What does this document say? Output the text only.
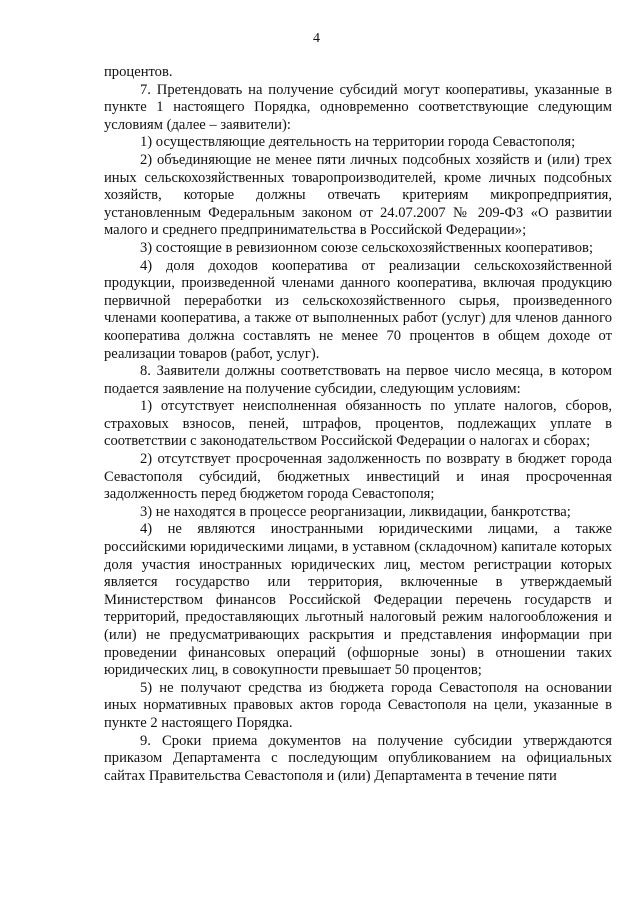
4

процентов.

7. Претендовать на получение субсидий могут кооперативы, указанные в пункте 1 настоящего Порядка, одновременно соответствующие следующим условиям (далее – заявители):

1) осуществляющие деятельность на территории города Севастополя;

2) объединяющие не менее пяти личных подсобных хозяйств и (или) трех иных сельскохозяйственных товаропроизводителей, кроме личных подсобных хозяйств, которые должны отвечать критериям микропредприятия, установленным Федеральным законом от 24.07.2007 № 209-ФЗ «О развитии малого и среднего предпринимательства в Российской Федерации»;

3) состоящие в ревизионном союзе сельскохозяйственных кооперативов;

4) доля доходов кооператива от реализации сельскохозяйственной продукции, произведенной членами данного кооператива, включая продукцию первичной переработки из сельскохозяйственного сырья, произведенного членами кооператива, а также от выполненных работ (услуг) для членов данного кооператива должна составлять не менее 70 процентов в общем доходе от реализации товаров (работ, услуг).

8. Заявители должны соответствовать на первое число месяца, в котором подается заявление на получение субсидии, следующим условиям:

1) отсутствует неисполненная обязанность по уплате налогов, сборов, страховых взносов, пеней, штрафов, процентов, подлежащих уплате в соответствии с законодательством Российской Федерации о налогах и сборах;

2) отсутствует просроченная задолженность по возврату в бюджет города Севастополя субсидий, бюджетных инвестиций и иная просроченная задолженность перед бюджетом города Севастополя;

3) не находятся в процессе реорганизации, ликвидации, банкротства;

4) не являются иностранными юридическими лицами, а также российскими юридическими лицами, в уставном (складочном) капитале которых доля участия иностранных юридических лиц, местом регистрации которых является государство или территория, включенные в утверждаемый Министерством финансов Российской Федерации перечень государств и территорий, предоставляющих льготный налоговый режим налогообложения и (или) не предусматривающих раскрытия и представления информации при проведении финансовых операций (офшорные зоны) в отношении таких юридических лиц, в совокупности превышает 50 процентов;

5) не получают средства из бюджета города Севастополя на основании иных нормативных правовых актов города Севастополя на цели, указанные в пункте 2 настоящего Порядка.

9. Сроки приема документов на получение субсидии утверждаются приказом Департамента с последующим опубликованием на официальных сайтах Правительства Севастополя и (или) Департамента в течение пяти
